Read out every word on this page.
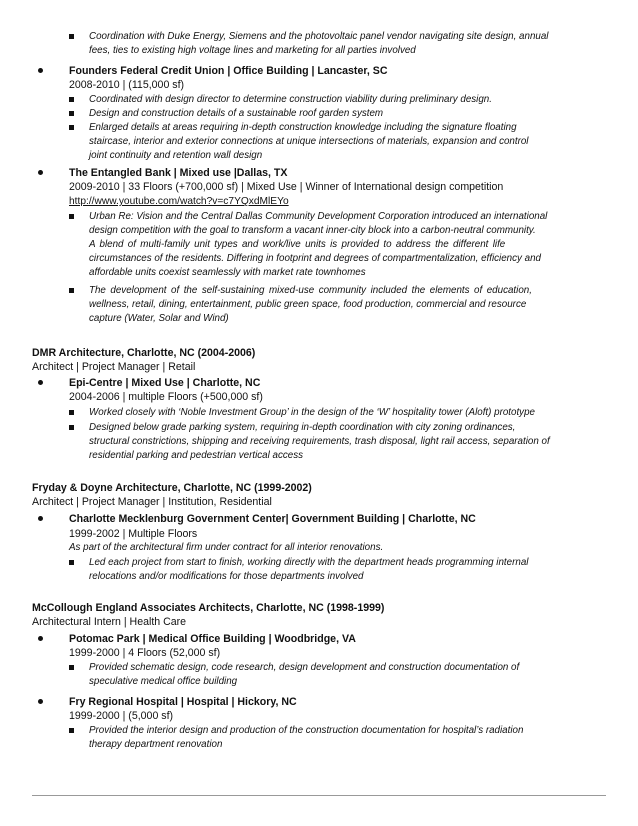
Coordination with Duke Energy, Siemens and the photovoltaic panel vendor navigating site design, annual
fees, ties to existing high voltage lines and marketing for all parties involved
Founders Federal Credit Union | Office Building | Lancaster, SC
2008-2010 | (115,000 sf)
Coordinated with design director to determine construction viability during preliminary design.
Design and construction details of a sustainable roof garden system
Enlarged details at areas requiring in-depth construction knowledge including the signature floating
staircase, interior and exterior connections at unique intersections of materials, expansion and control
joint continuity and retention wall design
The Entangled Bank | Mixed use |Dallas, TX
2009-2010 | 33 Floors (+700,000 sf) | Mixed Use | Winner of International design competition
http://www.youtube.com/watch?v=c7YQxdMlEYo
Urban Re: Vision and the Central Dallas Community Development Corporation introduced an international
design competition with the goal to transform a vacant inner-city block into a carbon-neutral community.
A blend of multi-family unit types and work/live units is provided to address the different life
circumstances of the residents. Differing in footprint and degrees of compartmentalization, efficiency and
affordable units coexist seamlessly with market rate townhomes
The development of the self-sustaining mixed-use community included the elements of education,
wellness, retail, dining, entertainment, public green space, food production, commercial and resource
capture (Water, Solar and Wind)
DMR Architecture, Charlotte, NC (2004-2006)
Architect | Project Manager | Retail
Epi-Centre | Mixed Use | Charlotte, NC
2004-2006 | multiple Floors (+500,000 sf)
Worked closely with ‘Noble Investment Group’ in the design of the ‘W’ hospitality tower (Aloft) prototype
Designed below grade parking system, requiring in-depth coordination with city zoning ordinances,
structural constrictions, shipping and receiving requirements, trash disposal, light rail access, separation of
residential parking and pedestrian vertical access
Fryday & Doyne Architecture, Charlotte, NC (1999-2002)
Architect | Project Manager | Institution, Residential
Charlotte Mecklenburg Government Center| Government Building | Charlotte, NC
1999-2002 | Multiple Floors
As part of the architectural firm under contract for all interior renovations.
Led each project from start to finish, working directly with the department heads programming internal
relocations and/or modifications for those departments involved
McCollough England Associates Architects, Charlotte, NC (1998-1999)
Architectural Intern | Health Care
Potomac Park | Medical Office Building | Woodbridge, VA
1999-2000 | 4 Floors (52,000 sf)
Provided schematic design, code research, design development and construction documentation of
speculative medical office building
Fry Regional Hospital | Hospital | Hickory, NC
1999-2000 | (5,000 sf)
Provided the interior design and production of the construction documentation for hospital’s radiation
therapy department renovation
